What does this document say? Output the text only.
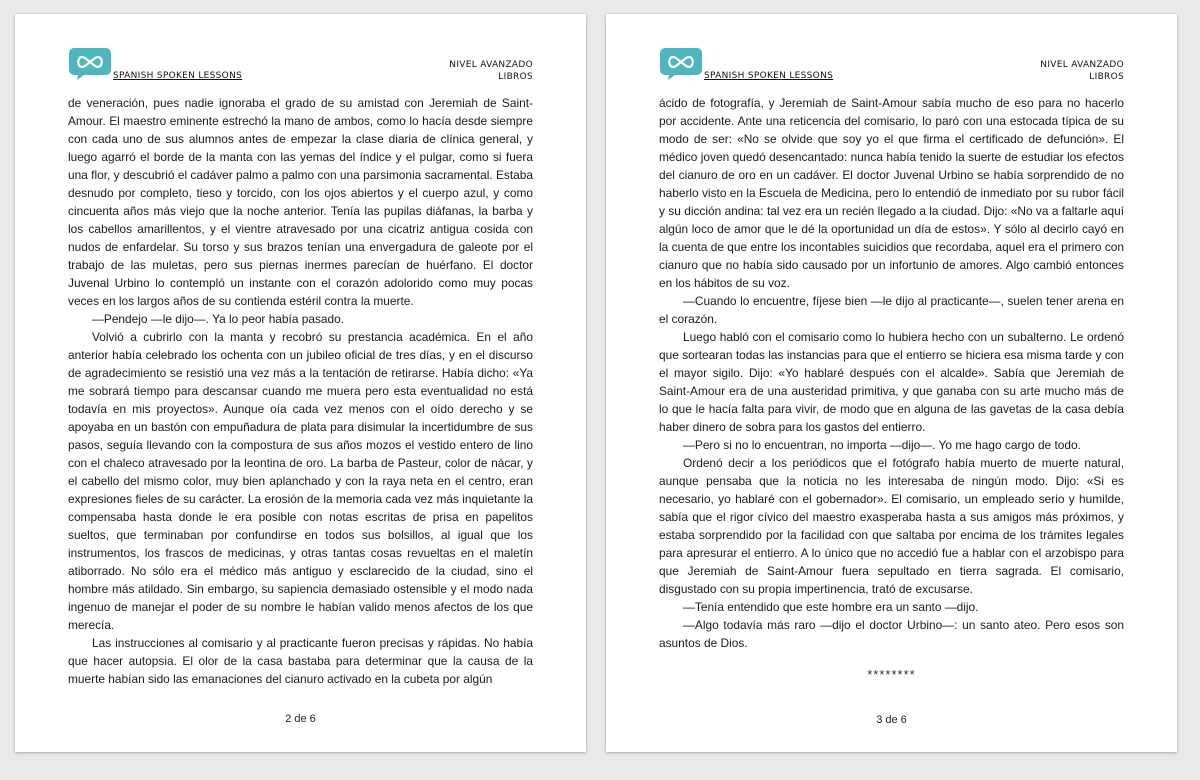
SPANISH SPOKEN LESSONS
NIVEL AVANZADO
LIBROS

de veneración, pues nadie ignoraba el grado de su amistad con Jeremiah de Saint-Amour. El maestro eminente estrechó la mano de ambos, como lo hacía desde siempre con cada uno de sus alumnos antes de empezar la clase diaria de clínica general, y luego agarró el borde de la manta con las yemas del índice y el pulgar, como si fuera una flor, y descubrió el cadáver palmo a palmo con una parsimonia sacramental. Estaba desnudo por completo, tieso y torcido, con los ojos abiertos y el cuerpo azul, y como cincuenta años más viejo que la noche anterior. Tenía las pupilas diáfanas, la barba y los cabellos amarillentos, y el vientre atravesado por una cicatriz antigua cosida con nudos de enfardelar. Su torso y sus brazos tenían una envergadura de galeote por el trabajo de las muletas, pero sus piernas inermes parecían de huérfano. El doctor Juvenal Urbino lo contempló un instante con el corazón adolorido como muy pocas veces en los largos años de su contienda estéril contra la muerte.

—Pendejo —le dijo—. Ya lo peor había pasado.

Volvió a cubrirlo con la manta y recobró su prestancia académica. En el año anterior había celebrado los ochenta con un jubileo oficial de tres días, y en el discurso de agradecimiento se resistió una vez más a la tentación de retirarse. Había dicho: «Ya me sobrará tiempo para descansar cuando me muera pero esta eventualidad no está todavía en mis proyectos». Aunque oía cada vez menos con el oído derecho y se apoyaba en un bastón con empuñadura de plata para disimular la incertidumbre de sus pasos, seguía llevando con la compostura de sus años mozos el vestido entero de lino con el chaleco atravesado por la leontina de oro. La barba de Pasteur, color de nácar, y el cabello del mismo color, muy bien aplanchado y con la raya neta en el centro, eran expresiones fieles de su carácter. La erosión de la memoria cada vez más inquietante la compensaba hasta donde le era posible con notas escritas de prisa en papelitos sueltos, que terminaban por confundirse en todos sus bolsillos, al igual que los instrumentos, los frascos de medicinas, y otras tantas cosas revueltas en el maletín atiborrado. No sólo era el médico más antiguo y esclarecido de la ciudad, sino el hombre más atildado. Sin embargo, su sapiencia demasiado ostensible y el modo nada ingenuo de manejar el poder de su nombre le habían valido menos afectos de los que merecía.

Las instrucciones al comisario y al practicante fueron precisas y rápidas. No había que hacer autopsia. El olor de la casa bastaba para determinar que la causa de la muerte habían sido las emanaciones del cianuro activado en la cubeta por algún

2 de 6
SPANISH SPOKEN LESSONS
NIVEL AVANZADO
LIBROS

ácido de fotografía, y Jeremiah de Saint-Amour sabía mucho de eso para no hacerlo por accidente. Ante una reticencia del comisario, lo paró con una estocada típica de su modo de ser: «No se olvide que soy yo el que firma el certificado de defunción». El médico joven quedó desencantado: nunca había tenido la suerte de estudiar los efectos del cianuro de oro en un cadáver. El doctor Juvenal Urbino se había sorprendido de no haberlo visto en la Escuela de Medicina, pero lo entendió de inmediato por su rubor fácil y su dicción andina: tal vez era un recién llegado a la ciudad. Dijo: «No va a faltarle aquí algún loco de amor que le dé la oportunidad un día de estos». Y sólo al decirlo cayó en la cuenta de que entre los incontables suicidios que recordaba, aquel era el primero con cianuro que no había sido causado por un infortunio de amores. Algo cambió entonces en los hábitos de su voz.

—Cuando lo encuentre, fíjese bien —le dijo al practicante—, suelen tener arena en el corazón.

Luego habló con el comisario como lo hubiera hecho con un subalterno. Le ordenó que sortearan todas las instancias para que el entierro se hiciera esa misma tarde y con el mayor sigilo. Dijo: «Yo hablaré después con el alcalde». Sabía que Jeremiah de Saint-Amour era de una austeridad primitiva, y que ganaba con su arte mucho más de lo que le hacía falta para vivir, de modo que en alguna de las gavetas de la casa debía haber dinero de sobra para los gastos del entierro.

—Pero si no lo encuentran, no importa —dijo—. Yo me hago cargo de todo.

Ordenó decir a los periódicos que el fotógrafo había muerto de muerte natural, aunque pensaba que la noticia no les interesaba de ningún modo. Dijo: «Si es necesario, yo hablaré con el gobernador». El comisario, un empleado serio y humilde, sabía que el rigor cívico del maestro exasperaba hasta a sus amigos más próximos, y estaba sorprendido por la facilidad con que saltaba por encima de los trámites legales para apresurar el entierro. A lo único que no accedió fue a hablar con el arzobispo para que Jeremiah de Saint-Amour fuera sepultado en tierra sagrada. El comisario, disgustado con su propia impertinencia, trató de excusarse.

—Tenía entendido que este hombre era un santo —dijo.

—Algo todavía más raro —dijo el doctor Urbino—: un santo ateo. Pero esos son asuntos de Dios.

********
3 de 6
